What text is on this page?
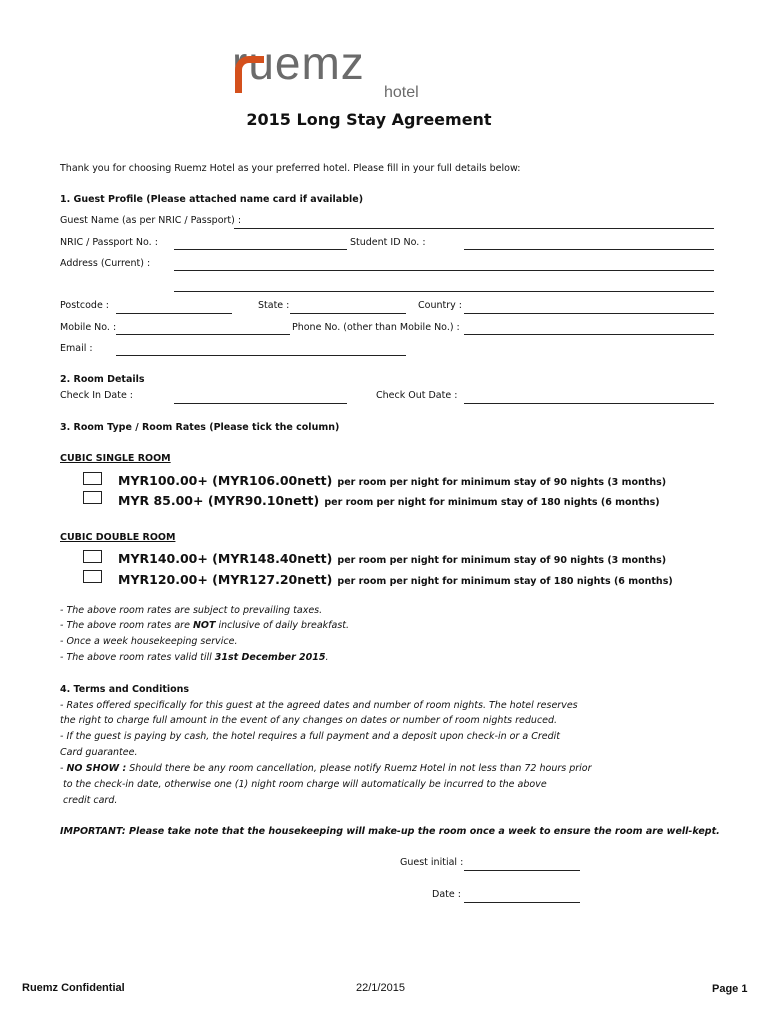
ruemz
hotel
2015 Long Stay Agreement
Thank you for choosing Ruemz Hotel as your preferred hotel. Please fill in your full details below:
1. Guest Profile (Please attached name card if available)
Guest Name (as per NRIC / Passport) :
NRIC / Passport No. :	Student ID No. :
Address (Current) :
Postcode :	State :	Country :
Mobile No. :	Phone No. (other than Mobile No.) :
Email :
2. Room Details
Check In Date :	Check Out Date :
3. Room Type / Room Rates (Please tick the column)
CUBIC SINGLE ROOM
MYR100.00+ (MYR106.00nett) per room per night for minimum stay of 90 nights (3 months)
MYR 85.00+ (MYR90.10nett) per room per night for minimum stay of 180 nights (6 months)
CUBIC DOUBLE ROOM
MYR140.00+ (MYR148.40nett) per room per night for minimum stay of 90 nights (3 months)
MYR120.00+ (MYR127.20nett) per room per night for minimum stay of 180 nights (6 months)
- The above room rates are subject to prevailing taxes.
- The above room rates are NOT inclusive of daily breakfast.
- Once a week housekeeping service.
- The above room rates valid till 31st December 2015.
4. Terms and Conditions
- Rates offered specifically for this guest at the agreed dates and number of room nights. The hotel reserves
the right to charge full amount in the event of any changes on dates or number of room nights reduced.
- If the guest is paying by cash, the hotel requires a full payment and a deposit upon check-in or a Credit
Card guarantee.
- NO SHOW : Should there be any room cancellation, please notify Ruemz Hotel in not less than 72 hours prior
to the check-in date, otherwise one (1) night room charge will automatically be incurred to the above
credit card.
IMPORTANT: Please take note that the housekeeping will make-up the room once a week to ensure the room are well-kept.
Guest initial :
Date :
Ruemz Confidential	22/1/2015	Page 1
